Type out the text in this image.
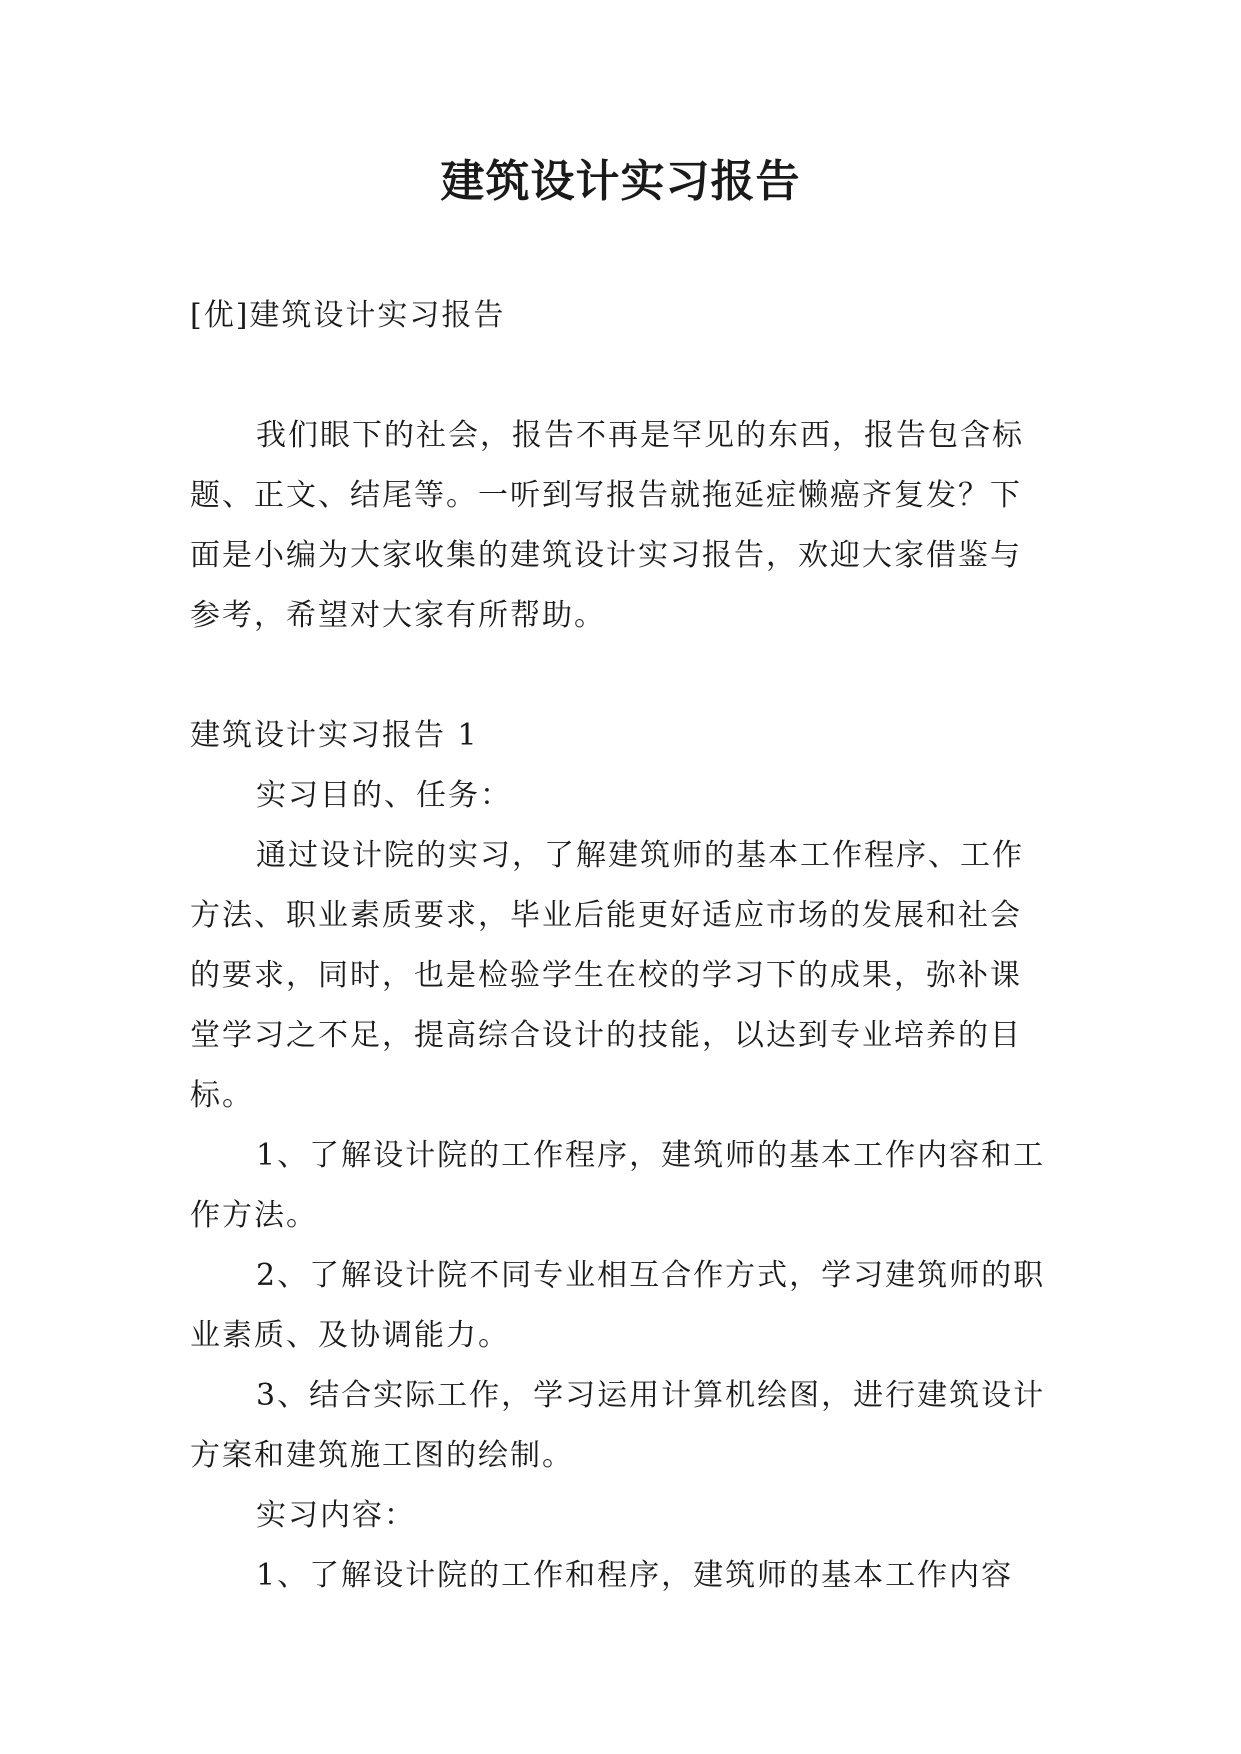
建筑设计实习报告

[优]建筑设计实习报告

我们眼下的社会，报告不再是罕见的东西，报告包含标题、正文、结尾等。一听到写报告就拖延症懒癌齐复发？下面是小编为大家收集的建筑设计实习报告，欢迎大家借鉴与参考，希望对大家有所帮助。

建筑设计实习报告 1

实习目的、任务：

通过设计院的实习，了解建筑师的基本工作程序、工作方法、职业素质要求，毕业后能更好适应市场的发展和社会的要求，同时，也是检验学生在校的学习下的成果，弥补课堂学习之不足，提高综合设计的技能，以达到专业培养的目标。

1、了解设计院的工作程序，建筑师的基本工作内容和工作方法。

2、了解设计院不同专业相互合作方式，学习建筑师的职业素质、及协调能力。

3、结合实际工作，学习运用计算机绘图，进行建筑设计方案和建筑施工图的绘制。

实习内容：

1、了解设计院的工作和程序，建筑师的基本工作内容
